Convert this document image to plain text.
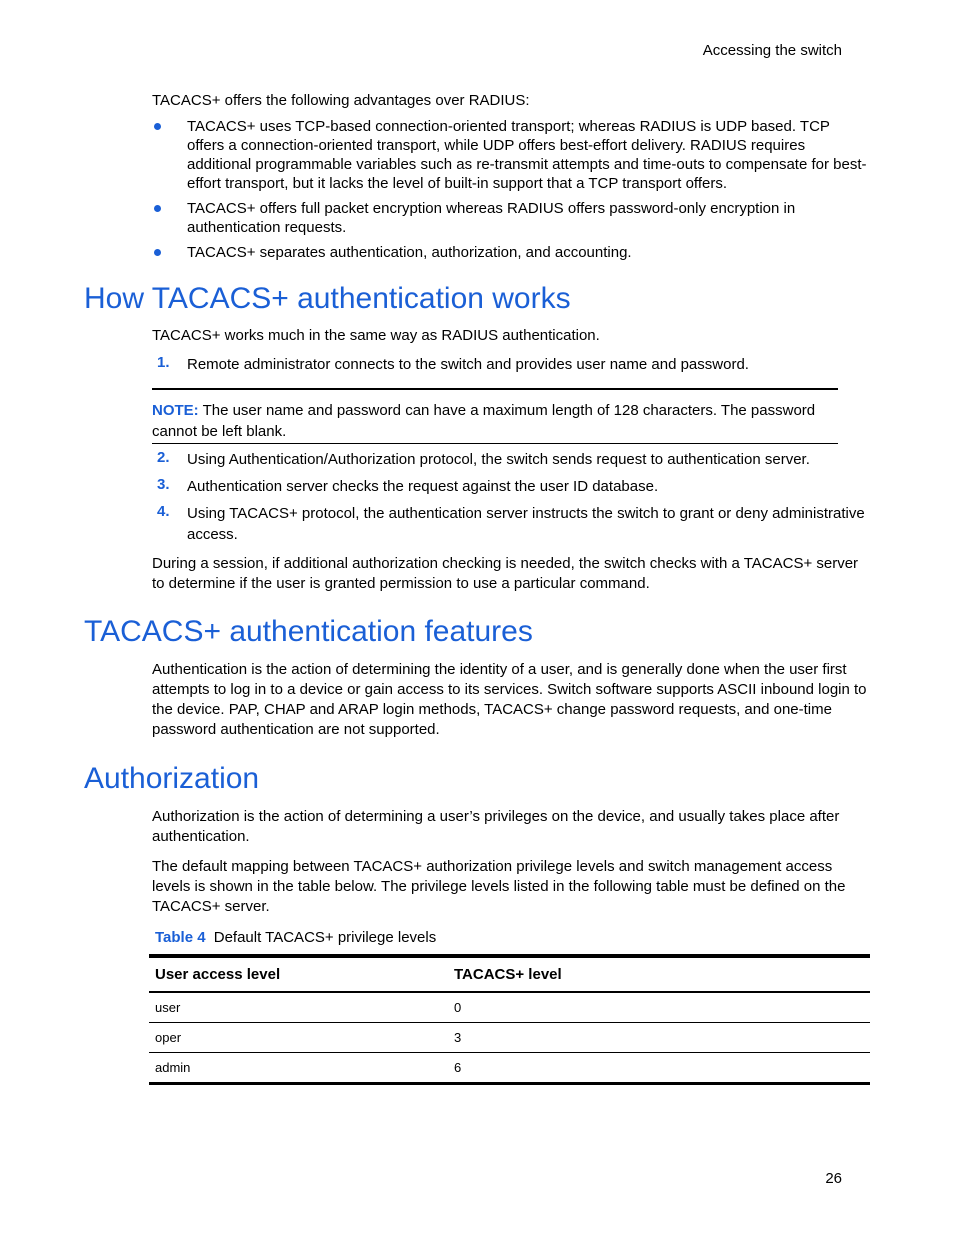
Accessing the switch
TACACS+ offers the following advantages over RADIUS:
TACACS+ uses TCP-based connection-oriented transport; whereas RADIUS is UDP based. TCP offers a connection-oriented transport, while UDP offers best-effort delivery. RADIUS requires additional programmable variables such as re-transmit attempts and time-outs to compensate for best-effort transport, but it lacks the level of built-in support that a TCP transport offers.
TACACS+ offers full packet encryption whereas RADIUS offers password-only encryption in authentication requests.
TACACS+ separates authentication, authorization, and accounting.
How TACACS+ authentication works
TACACS+ works much in the same way as RADIUS authentication.
1. Remote administrator connects to the switch and provides user name and password.
NOTE: The user name and password can have a maximum length of 128 characters. The password cannot be left blank.
2. Using Authentication/Authorization protocol, the switch sends request to authentication server.
3. Authentication server checks the request against the user ID database.
4. Using TACACS+ protocol, the authentication server instructs the switch to grant or deny administrative access.
During a session, if additional authorization checking is needed, the switch checks with a TACACS+ server to determine if the user is granted permission to use a particular command.
TACACS+ authentication features
Authentication is the action of determining the identity of a user, and is generally done when the user first attempts to log in to a device or gain access to its services. Switch software supports ASCII inbound login to the device. PAP, CHAP and ARAP login methods, TACACS+ change password requests, and one-time password authentication are not supported.
Authorization
Authorization is the action of determining a user’s privileges on the device, and usually takes place after authentication.
The default mapping between TACACS+ authorization privilege levels and switch management access levels is shown in the table below. The privilege levels listed in the following table must be defined on the TACACS+ server.
Table 4 Default TACACS+ privilege levels
User access level	TACACS+ level
user	0
oper	3
admin	6
26
